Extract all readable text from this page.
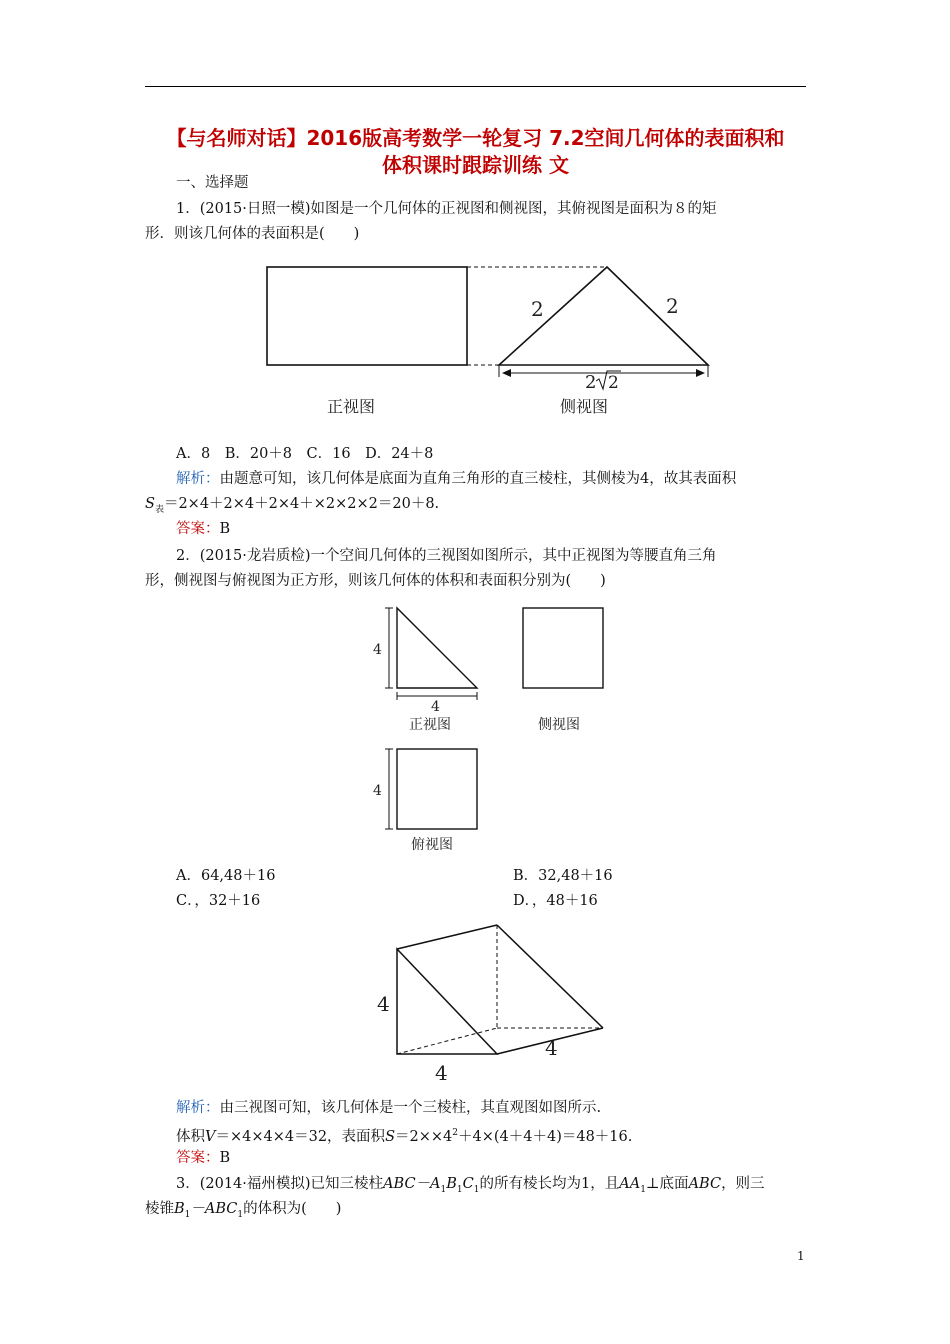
【与名师对话】2016版高考数学一轮复习 7.2空间几何体的表面积和
体积课时跟踪训练 文
一、选择题
1．(2015·日照一模)如图是一个几何体的正视图和侧视图，其俯视图是面积为８的矩
形．则该几何体的表面积是(　　)
2	2
2 2
正视图	侧视图
A．8　B．20＋8　C．16　D．24＋8
解析：由题意可知，该几何体是底面为直角三角形的直三棱柱，其侧棱为4，故其表面积
$S_表=2\times 4+2\times 4+2\times 4+\times 2\times 2\times 2=20+8$.
答案：B
2．(2015·龙岩质检)一个空间几何体的三视图如图所示，其中正视图为等腰直角三角
形，侧视图与俯视图为正方形，则该几何体的体积和表面积分别为(　　)
4
4
正视图	侧视图
4
俯视图
A．64,48＋16	B．32,48＋16
C．，32＋16	D．，48＋16
4
4
4
解析：由三视图可知，该几何体是一个三棱柱，其直观图如图所示.
体积V＝×4×4×4＝32，表面积$S=2\times\times 4^2+4\times(4+4+4)=48+16$.
答案：B
3．(2014·福州模拟)已知三棱柱$ABC-A_1B_1C_1$的所有棱长均为1，且$AA_1\perp$底面ABC，则三
棱锥$B_1-ABC_1$的体积为(　　)
1
